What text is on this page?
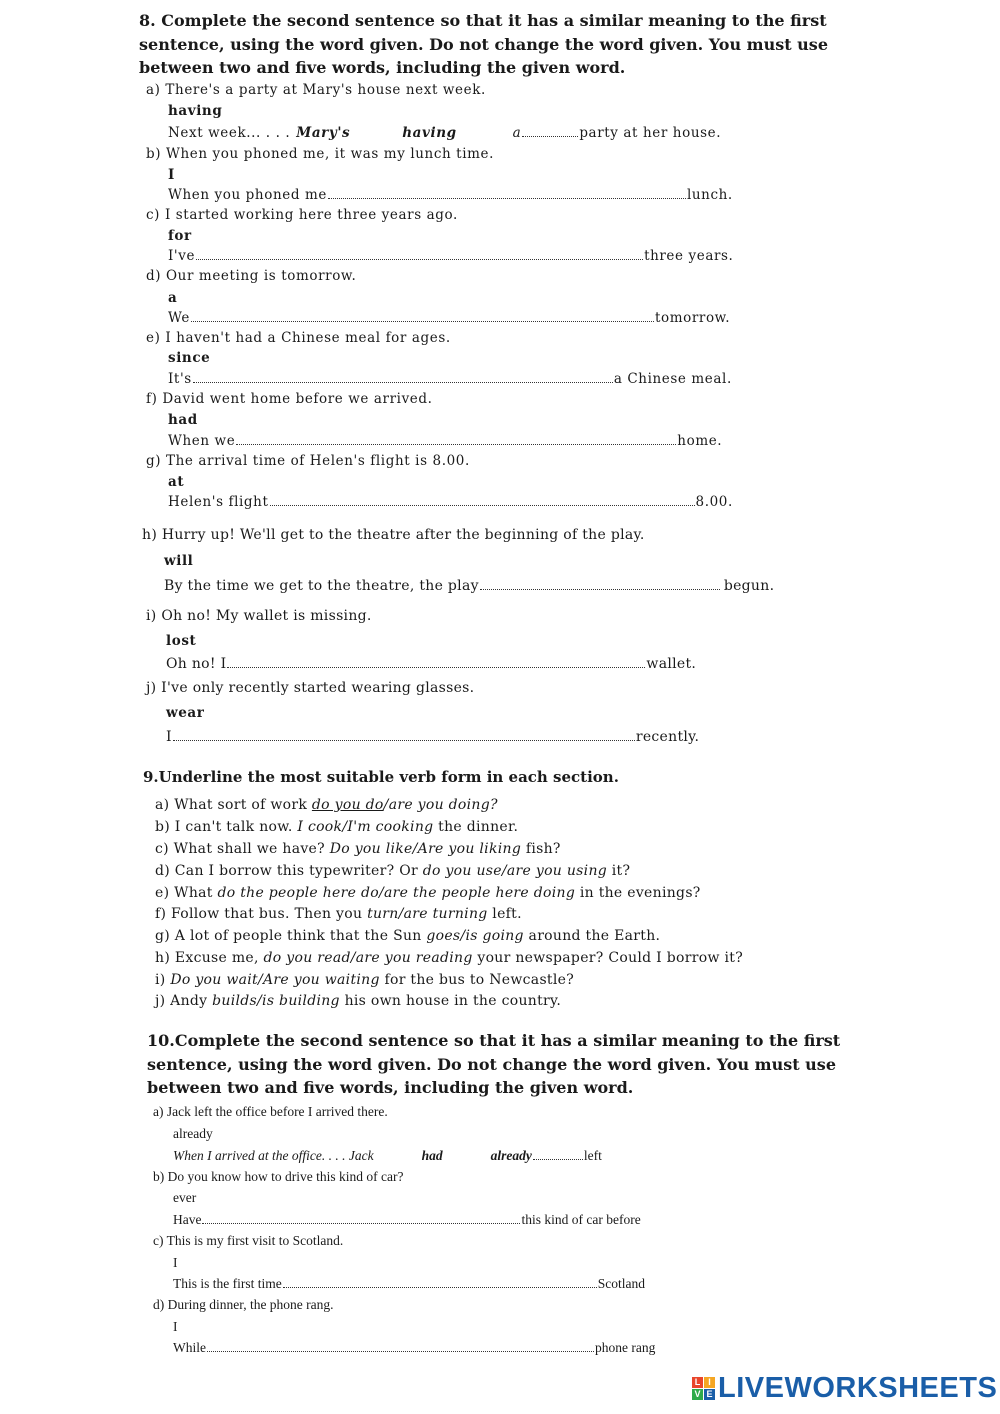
8. Complete the second sentence so that it has a similar meaning to the first sentence, using the word given. Do not change the word given. You must use between two and five words, including the given word.
a) There's a party at Mary's house next week.
having
Next week... . . . Mary's	having	a	party at her house.
b) When you phoned me, it was my lunch time.
I
When you phoned me	lunch.
c) I started working here three years ago.
for
I've	three years.
d) Our meeting is tomorrow.
a
We	tomorrow.
e) I haven't had a Chinese meal for ages.
since
It's	a Chinese meal.
f) David went home before we arrived.
had
When we	home.
g) The arrival time of Helen's flight is 8.00.
at
Helen's flight	8.00.
h) Hurry up! We'll get to the theatre after the beginning of the play.
will
By the time we get to the theatre, the play	begun.
i) Oh no! My wallet is missing.
lost
Oh no! I	wallet.
j) I've only recently started wearing glasses.
wear
I	recently.
9.Underline the most suitable verb form in each section.
a) What sort of work do you do/are you doing?
b) I can't talk now. I cook/I'm cooking the dinner.
c) What shall we have? Do you like/Are you liking fish?
d) Can I borrow this typewriter? Or do you use/are you using it?
e) What do the people here do/are the people here doing in the evenings?
f) Follow that bus. Then you turn/are turning left.
g) A lot of people think that the Sun goes/is going around the Earth.
h) Excuse me, do you read/are you reading your newspaper? Could I borrow it?
i) Do you wait/Are you waiting for the bus to Newcastle?
j) Andy builds/is building his own house in the country.
10.Complete the second sentence so that it has a similar meaning to the first sentence, using the word given. Do not change the word given. You must use between two and five words, including the given word.
a) Jack left the office before I arrived there.
already
When I arrived at the office. . . . Jack	had	already	left
b) Do you know how to drive this kind of car?
ever
Have	this kind of car before
c) This is my first visit to Scotland.
I
This is the first time	Scotland
d) During dinner, the phone rang.
I
While	phone rang
L I
V E LIVEWORKSHEETS
